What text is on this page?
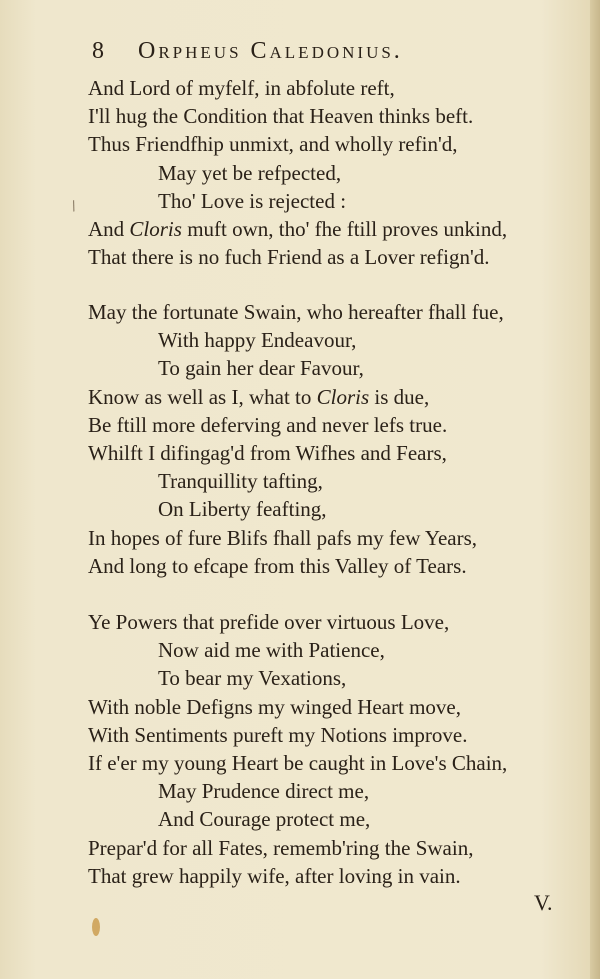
8 Orpheus Caledonius.
/
And Lord of myfelf, in abfolute reft,
I'll hug the Condition that Heaven thinks beft.
Thus Friendfhip unmixt, and wholly refin'd,
May yet be refpected,
Tho' Love is rejected :
And Cloris muft own, tho' fhe ftill proves unkind,
That there is no fuch Friend as a Lover refign'd.
May the fortunate Swain, who hereafter fhall fue,
With happy Endeavour,
To gain her dear Favour,
Know as well as I, what to Cloris is due,
Be ftill more deferving and never lefs true.
Whilft I difingag'd from Wifhes and Fears,
Tranquillity tafting,
On Liberty feafting,
In hopes of fure Blifs fhall pafs my few Years,
And long to efcape from this Valley of Tears.
Ye Powers that prefide over virtuous Love,
Now aid me with Patience,
To bear my Vexations,
With noble Defigns my winged Heart move,
With Sentiments pureft my Notions improve.
If e'er my young Heart be caught in Love's Chain,
May Prudence direct me,
And Courage protect me,
Prepar'd for all Fates, rememb'ring the Swain,
That grew happily wife, after loving in vain.
V.
